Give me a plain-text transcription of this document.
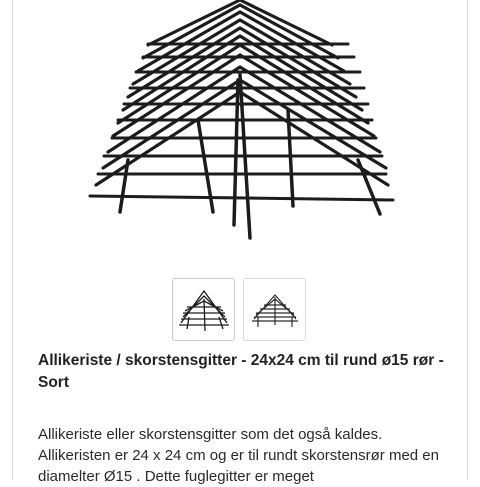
Allikeriste / skorstensgitter - 24x24 cm til rund ø15 rør - Sort

Allikeriste eller skorstensgitter som det også kaldes. Allikeristen er 24 x 24 cm og er til rundt skorstensrør med en diamelter Ø15 . Dette fuglegitter er meget
